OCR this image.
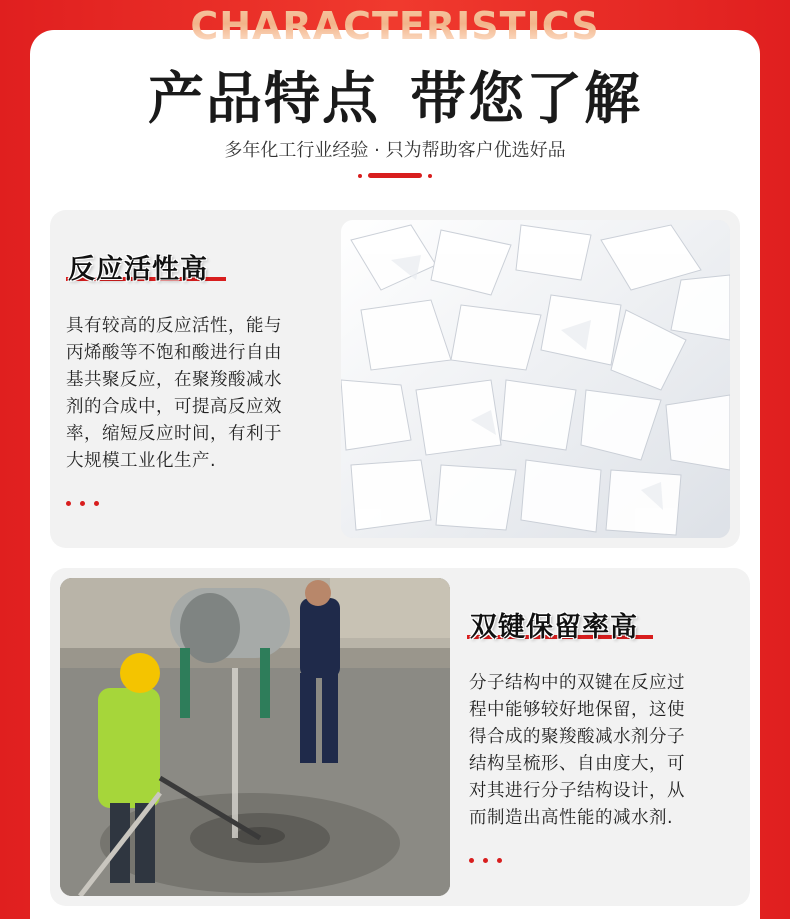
CHARACTERISTICS
产品特点 带您了解
多年化工行业经验 · 只为帮助客户优选好品
反应活性高
具有较高的反应活性，能与
丙烯酸等不饱和酸进行自由
基共聚反应，在聚羧酸减水
剂的合成中，可提高反应效
率，缩短反应时间，有利于
大规模工业化生产.
双键保留率高
分子结构中的双键在反应过
程中能够较好地保留，这使
得合成的聚羧酸减水剂分子
结构呈梳形、自由度大，可
对其进行分子结构设计，从
而制造出高性能的减水剂.
